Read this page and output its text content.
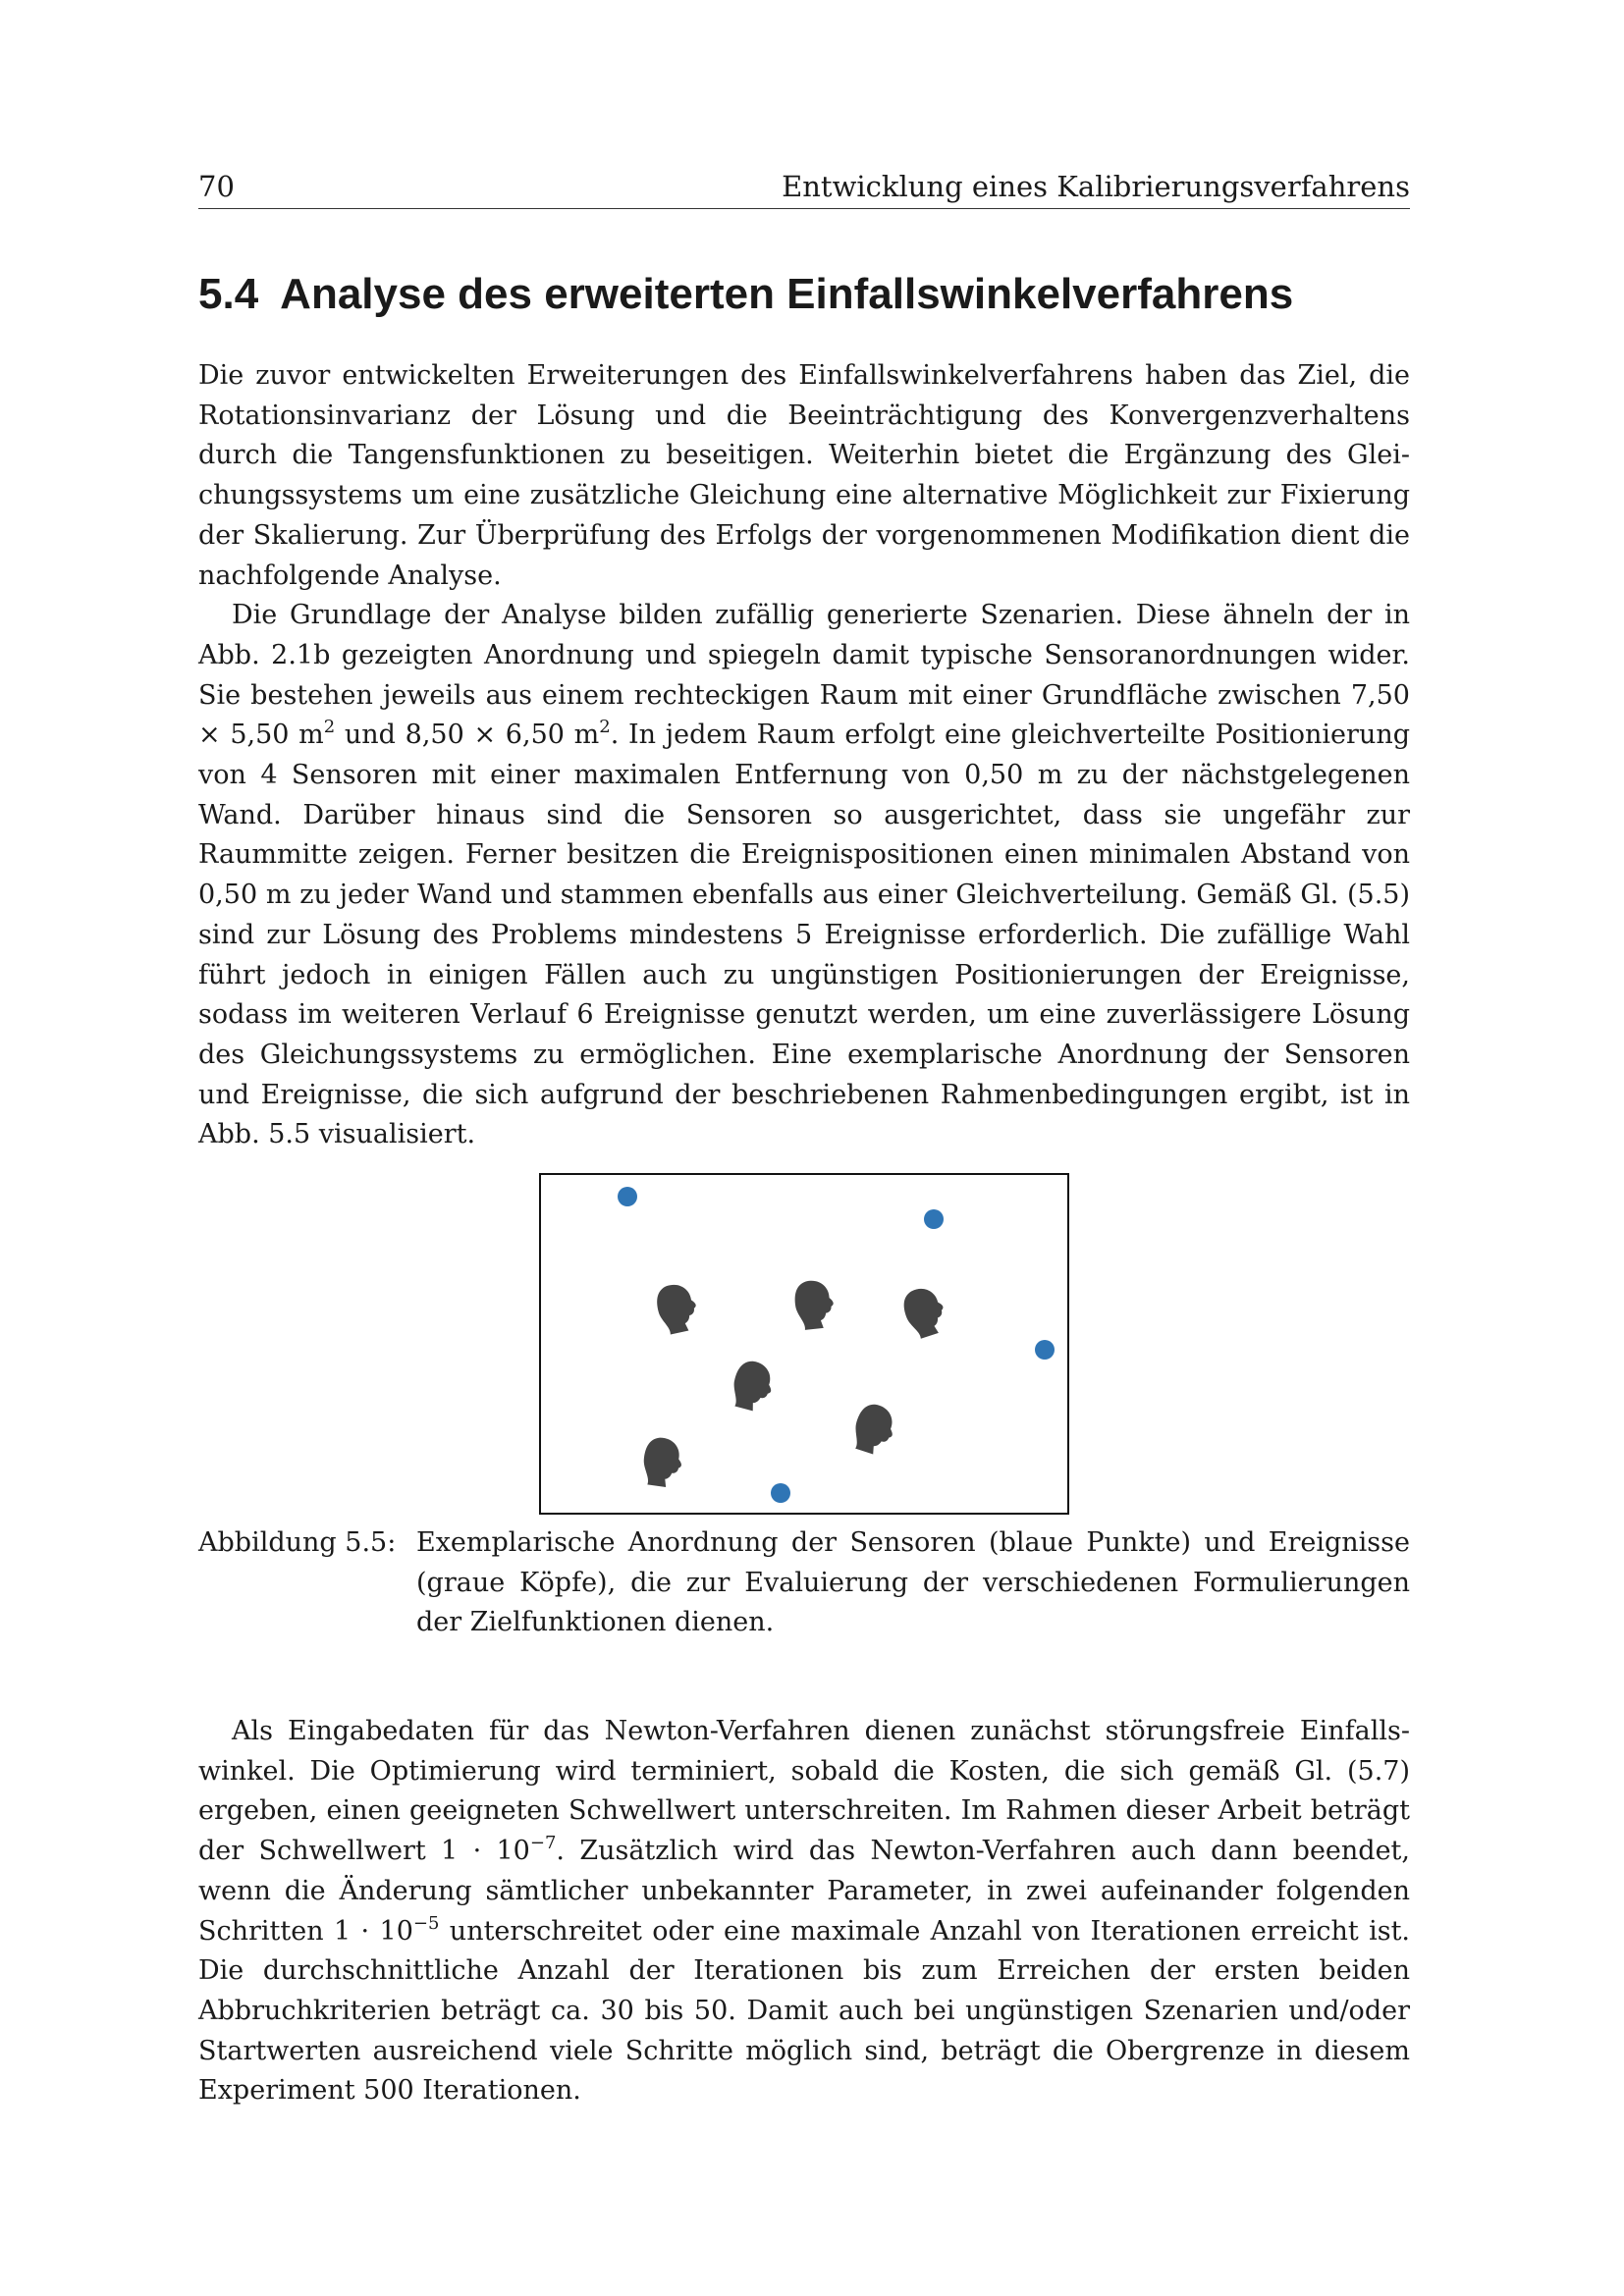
70	Entwicklung eines Kalibrierungsverfahrens
5.4 Analyse des erweiterten Einfallswinkelverfahrens

Die zuvor entwickelten Erweiterungen des Einfallswinkelverfahrens haben das Ziel, die Rotationsinvarianz der Lösung und die Beeinträchtigung des Konvergenzverhaltens durch die Tangensfunktionen zu beseitigen. Weiterhin bietet die Ergänzung des Gleichungssystems um eine zusätzliche Gleichung eine alternative Möglichkeit zur Fixierung der Skalierung. Zur Überprüfung des Erfolgs der vorgenommenen Modifikation dient die nachfolgende Analyse.

Die Grundlage der Analyse bilden zufällig generierte Szenarien. Diese ähneln der in Abb. 2.1b gezeigten Anordnung und spiegeln damit typische Sensoranordnungen wider. Sie bestehen jeweils aus einem rechteckigen Raum mit einer Grundfläche zwischen 7,50 × 5,50 $m^2$ und 8,50 × 6,50 $m^2$. In jedem Raum erfolgt eine gleichverteilte Positionierung von 4 Sensoren mit einer maximalen Entfernung von 0,50 m zu der nächstgelegenen Wand. Darüber hinaus sind die Sensoren so ausgerichtet, dass sie ungefähr zur Raummitte zeigen. Ferner besitzen die Ereignispositionen einen minimalen Abstand von 0,50 m zu jeder Wand und stammen ebenfalls aus einer Gleichverteilung. Gemäß Gl. (5.5) sind zur Lösung des Problems mindestens 5 Ereignisse erforderlich. Die zufällige Wahl führt jedoch in einigen Fällen auch zu ungünstigen Positionierungen der Ereignisse, sodass im weiteren Verlauf 6 Ereignisse genutzt werden, um eine zuverlässigere Lösung des Gleichungssystems zu ermöglichen. Eine exemplarische Anordnung der Sensoren und Ereignisse, die sich aufgrund der beschriebenen Rahmenbedingungen ergibt, ist in Abb. 5.5 visualisiert.

Abbildung 5.5: Exemplarische Anordnung der Sensoren (blaue Punkte) und Ereignisse (graue Köpfe), die zur Evaluierung der verschiedenen Formulierungen der Zielfunktionen dienen.

Als Eingabedaten für das Newton-Verfahren dienen zunächst störungsfreie Einfallswinkel. Die Optimierung wird terminiert, sobald die Kosten, die sich gemäß Gl. (5.7) ergeben, einen geeigneten Schwellwert unterschreiten. Im Rahmen dieser Arbeit beträgt der Schwellwert $1 \cdot 10^{-7}$. Zusätzlich wird das Newton-Verfahren auch dann beendet, wenn die Änderung sämtlicher unbekannter Parameter, in zwei aufeinander folgenden Schritten $1 \cdot 10^{-5}$ unterschreitet oder eine maximale Anzahl von Iterationen erreicht ist. Die durchschnittliche Anzahl der Iterationen bis zum Erreichen der ersten beiden Abbruchkriterien beträgt ca. 30 bis 50. Damit auch bei ungünstigen Szenarien und/oder Startwerten ausreichend viele Schritte möglich sind, beträgt die Obergrenze in diesem Experiment 500 Iterationen.
